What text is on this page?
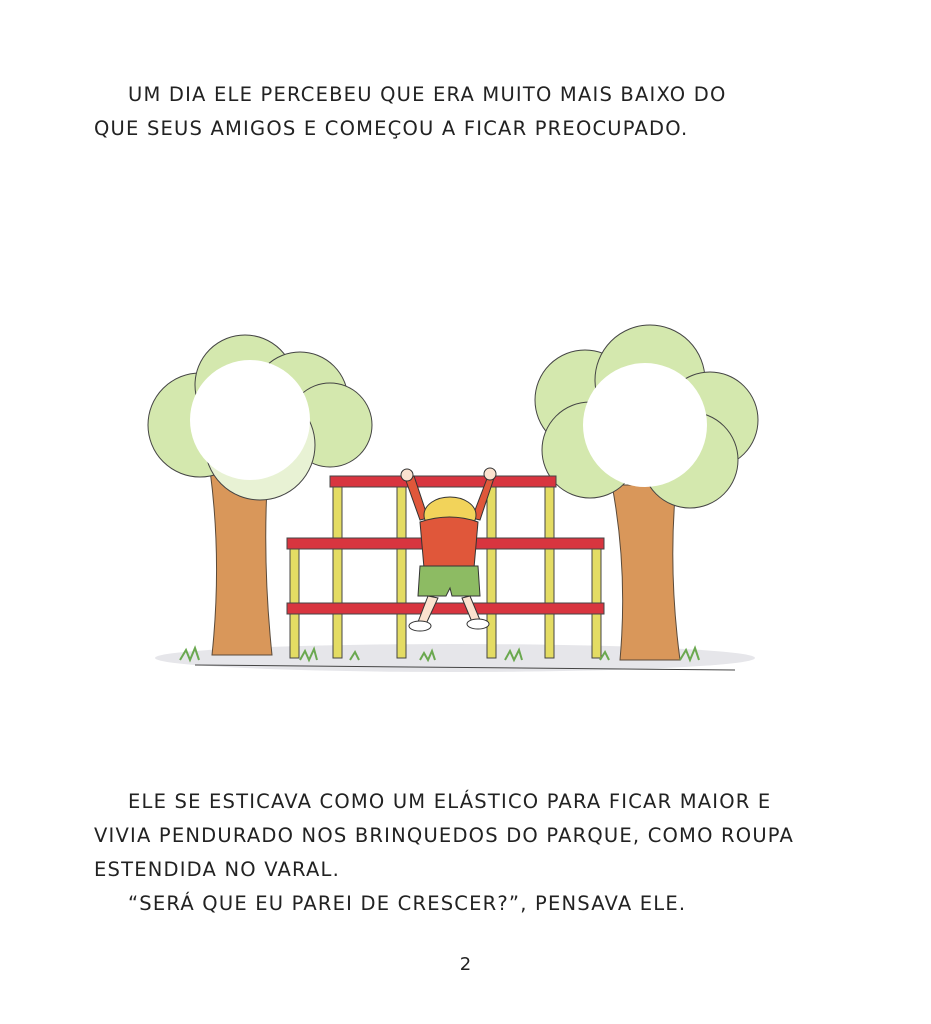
UM DIA ELE PERCEBEU QUE ERA MUITO MAIS BAIXO DO
QUE SEUS AMIGOS E COMEÇOU A FICAR PREOCUPADO.
ELE SE ESTICAVA COMO UM ELÁSTICO PARA FICAR MAIOR E
VIVIA PENDURADO NOS BRINQUEDOS DO PARQUE, COMO ROUPA
ESTENDIDA NO VARAL.
“SERÁ QUE EU PAREI DE CRESCER?”, PENSAVA ELE.
2
